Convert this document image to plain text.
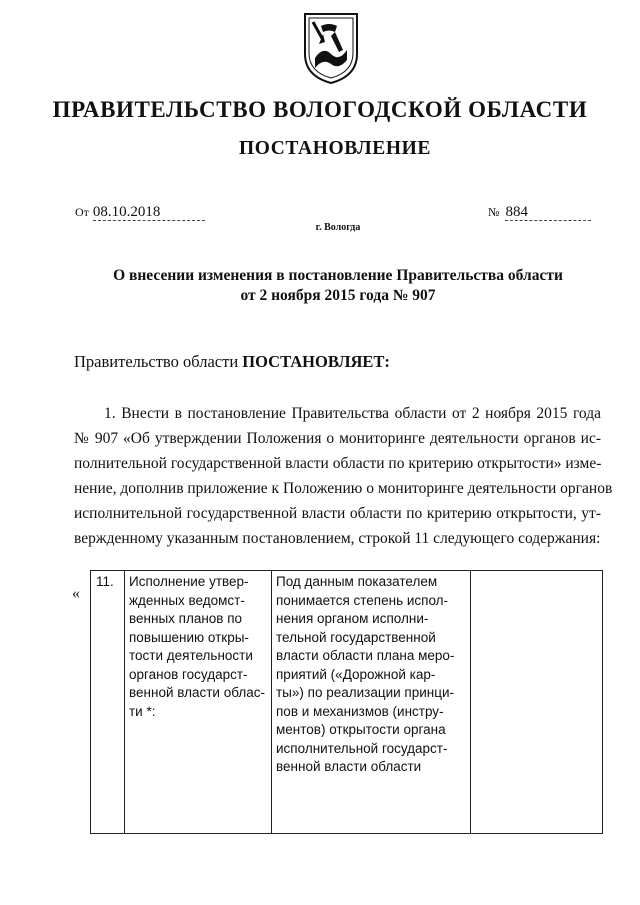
ПРАВИТЕЛЬСТВО ВОЛОГОДСКОЙ ОБЛАСТИ
ПОСТАНОВЛЕНИЕ
От 08.10.2018	№ 884
г. Вологда
О внесении изменения в постановление Правительства области
от 2 ноября 2015 года № 907
Правительство области ПОСТАНОВЛЯЕТ:
1. Внести в постановление Правительства области от 2 ноября 2015 года
№ 907 «Об утверждении Положения о мониторинге деятельности органов ис-
полнительной государственной власти области по критерию открытости» изме-
нение, дополнив приложение к Положению о мониторинге деятельности органов
исполнительной государственной власти области по критерию открытости, ут-
вержденному указанным постановлением, строкой 11 следующего содержания:
«
11. Исполнение утвер-
жденных ведомст-
венных планов по
повышению откры-
тости деятельности
органов государст-
венной власти облас-
ти *:
Под данным показателем
понимается степень испол-
нения органом исполни-
тельной государственной
власти области плана меро-
приятий («Дорожной кар-
ты») по реализации принци-
пов и механизмов (инстру-
ментов) открытости органа
исполнительной государст-
венной власти области
